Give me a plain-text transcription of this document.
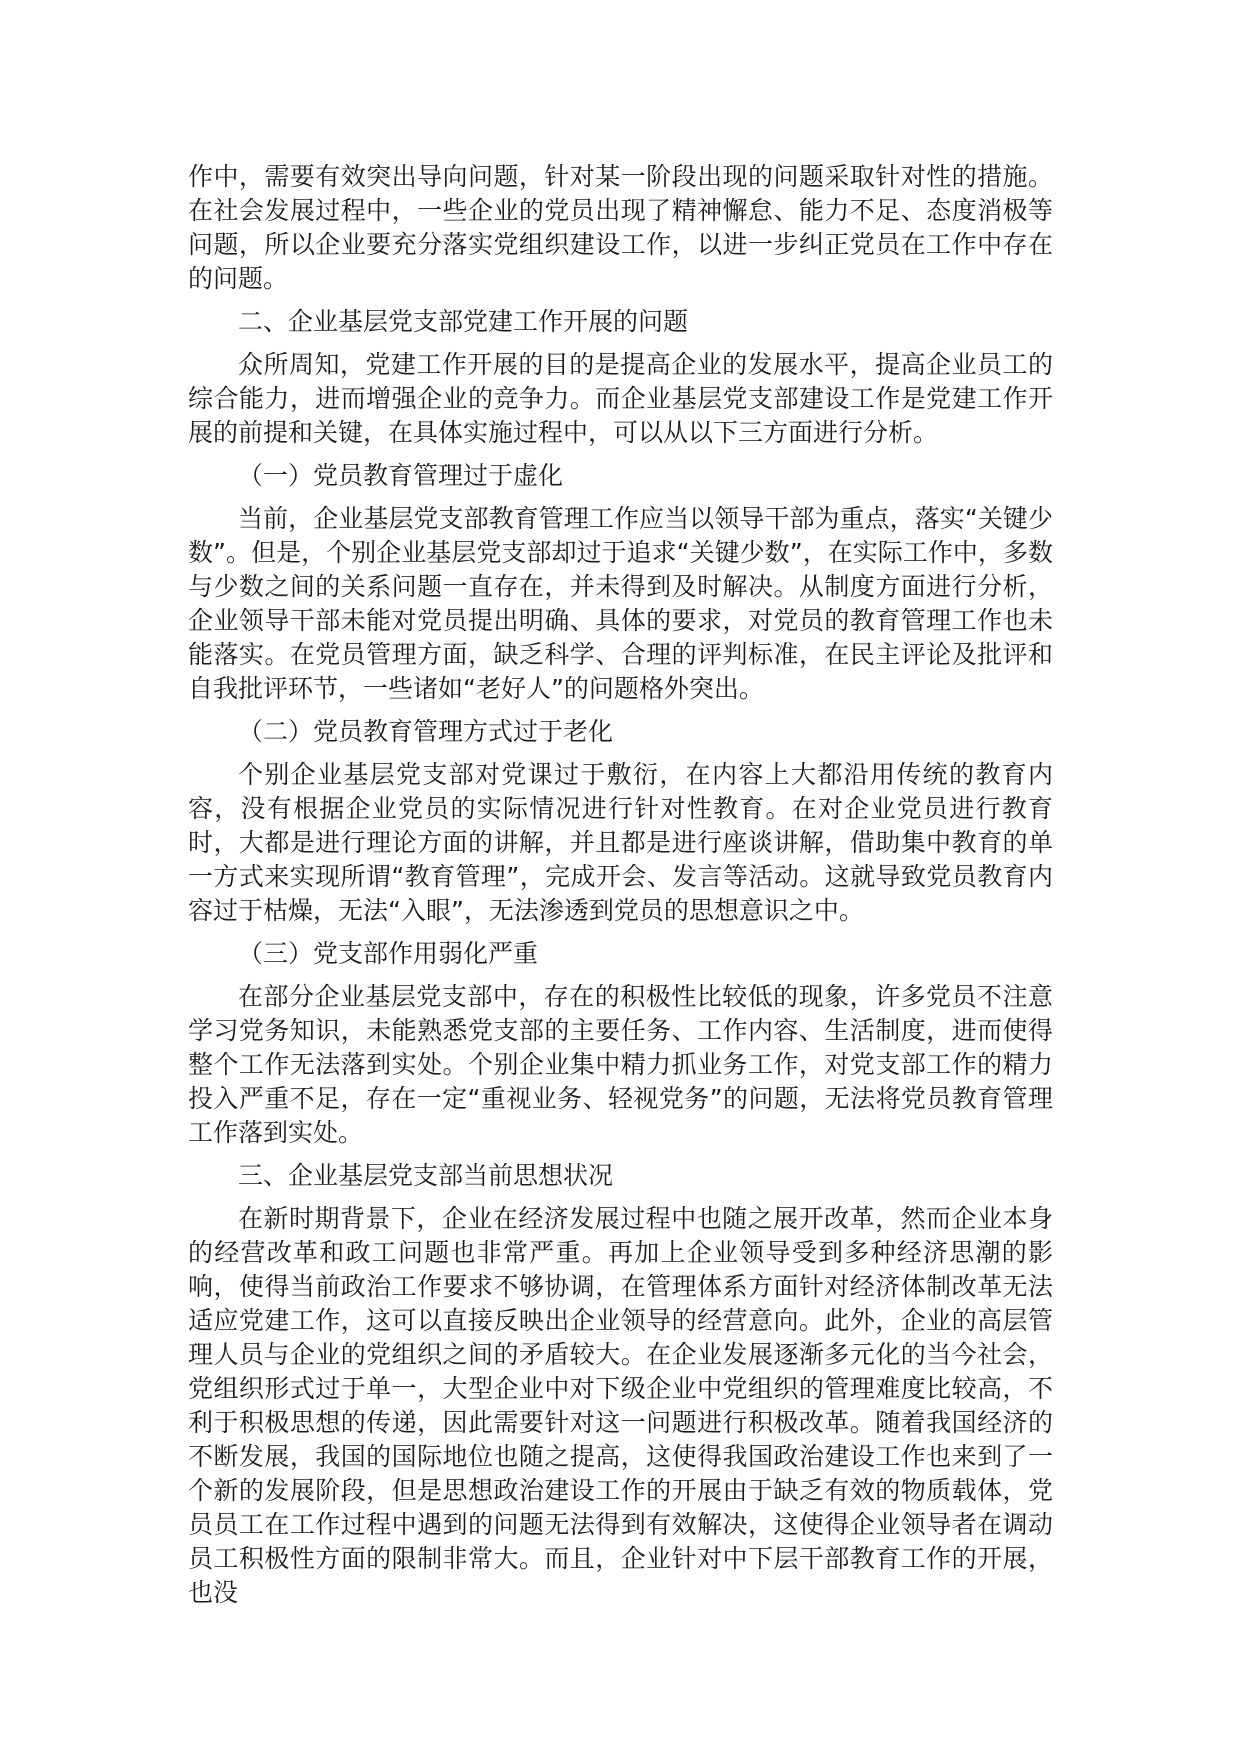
作中，需要有效突出导向问题，针对某一阶段出现的问题采取针对性的措施。在社会发展过程中，一些企业的党员出现了精神懈怠、能力不足、态度消极等问题，所以企业要充分落实党组织建设工作，以进一步纠正党员在工作中存在的问题。

二、企业基层党支部党建工作开展的问题

众所周知，党建工作开展的目的是提高企业的发展水平，提高企业员工的综合能力，进而增强企业的竞争力。而企业基层党支部建设工作是党建工作开展的前提和关键，在具体实施过程中，可以从以下三方面进行分析。

（一）党员教育管理过于虚化

当前，企业基层党支部教育管理工作应当以领导干部为重点，落实“关键少数”。但是，个别企业基层党支部却过于追求“关键少数”，在实际工作中，多数与少数之间的关系问题一直存在，并未得到及时解决。从制度方面进行分析，企业领导干部未能对党员提出明确、具体的要求，对党员的教育管理工作也未能落实。在党员管理方面，缺乏科学、合理的评判标准，在民主评论及批评和自我批评环节，一些诸如“老好人”的问题格外突出。

（二）党员教育管理方式过于老化

个别企业基层党支部对党课过于敷衍，在内容上大都沿用传统的教育内容，没有根据企业党员的实际情况进行针对性教育。在对企业党员进行教育时，大都是进行理论方面的讲解，并且都是进行座谈讲解，借助集中教育的单一方式来实现所谓“教育管理”，完成开会、发言等活动。这就导致党员教育内容过于枯燥，无法“入眼”，无法渗透到党员的思想意识之中。

（三）党支部作用弱化严重

在部分企业基层党支部中，存在的积极性比较低的现象，许多党员不注意学习党务知识，未能熟悉党支部的主要任务、工作内容、生活制度，进而使得整个工作无法落到实处。个别企业集中精力抓业务工作，对党支部工作的精力投入严重不足，存在一定“重视业务、轻视党务”的问题，无法将党员教育管理工作落到实处。

三、企业基层党支部当前思想状况

在新时期背景下，企业在经济发展过程中也随之展开改革，然而企业本身的经营改革和政工问题也非常严重。再加上企业领导受到多种经济思潮的影响，使得当前政治工作要求不够协调，在管理体系方面针对经济体制改革无法适应党建工作，这可以直接反映出企业领导的经营意向。此外，企业的高层管理人员与企业的党组织之间的矛盾较大。在企业发展逐渐多元化的当今社会，党组织形式过于单一，大型企业中对下级企业中党组织的管理难度比较高，不利于积极思想的传递，因此需要针对这一问题进行积极改革。随着我国经济的不断发展，我国的国际地位也随之提高，这使得我国政治建设工作也来到了一个新的发展阶段，但是思想政治建设工作的开展由于缺乏有效的物质载体，党员员工在工作过程中遇到的问题无法得到有效解决，这使得企业领导者在调动员工积极性方面的限制非常大。而且，企业针对中下层干部教育工作的开展，也没
